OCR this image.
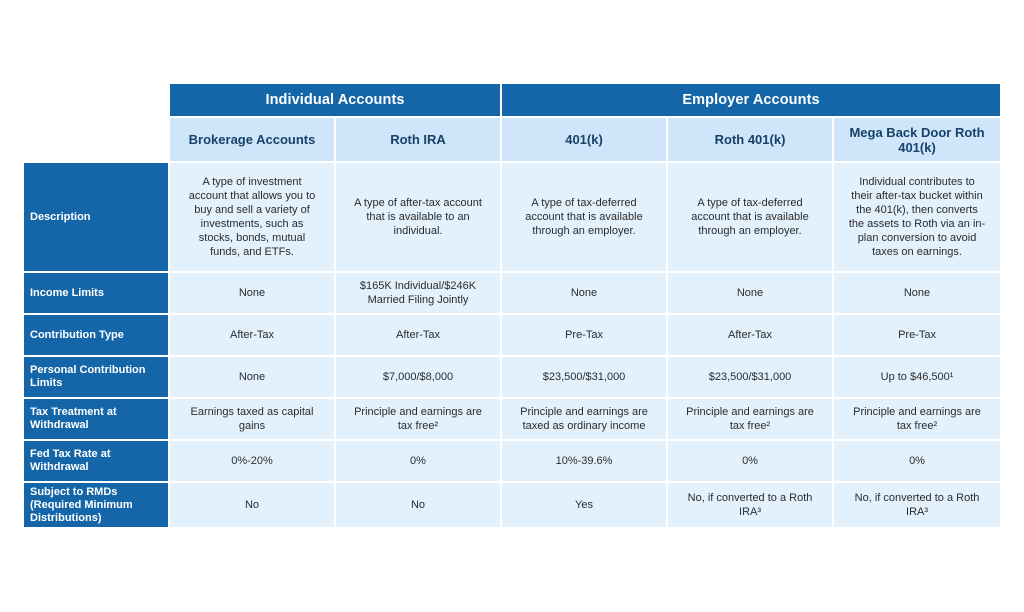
	Individual Accounts		Employer Accounts		
	Brokerage Accounts	Roth IRA	401(k)	Roth 401(k)	Mega Back Door Roth 401(k)
Description	A type of investment account that allows you to buy and sell a variety of investments, such as stocks, bonds, mutual funds, and ETFs.	A type of after-tax account that is available to an individual.	A type of tax-deferred account that is available through an employer.	A type of tax-deferred account that is available through an employer.	Individual contributes to their after-tax bucket within the 401(k), then converts the assets to Roth via an in-plan conversion to avoid taxes on earnings.
Income Limits	None	$165K Individual/$246K Married Filing Jointly	None	None	None
Contribution Type	After-Tax	After-Tax	Pre-Tax	After-Tax	Pre-Tax
Personal Contribution Limits	None	$7,000/$8,000	$23,500/$31,000	$23,500/$31,000	Up to $46,500¹
Tax Treatment at Withdrawal	Earnings taxed as capital gains	Principle and earnings are tax free²	Principle and earnings are taxed as ordinary income	Principle and earnings are tax free²	Principle and earnings are tax free²
Fed Tax Rate at Withdrawal	0%-20%	0%	10%-39.6%	0%	0%
Subject to RMDs (Required Minimum Distributions)	No	No	Yes	No, if converted to a Roth IRA³	No, if converted to a Roth IRA³
